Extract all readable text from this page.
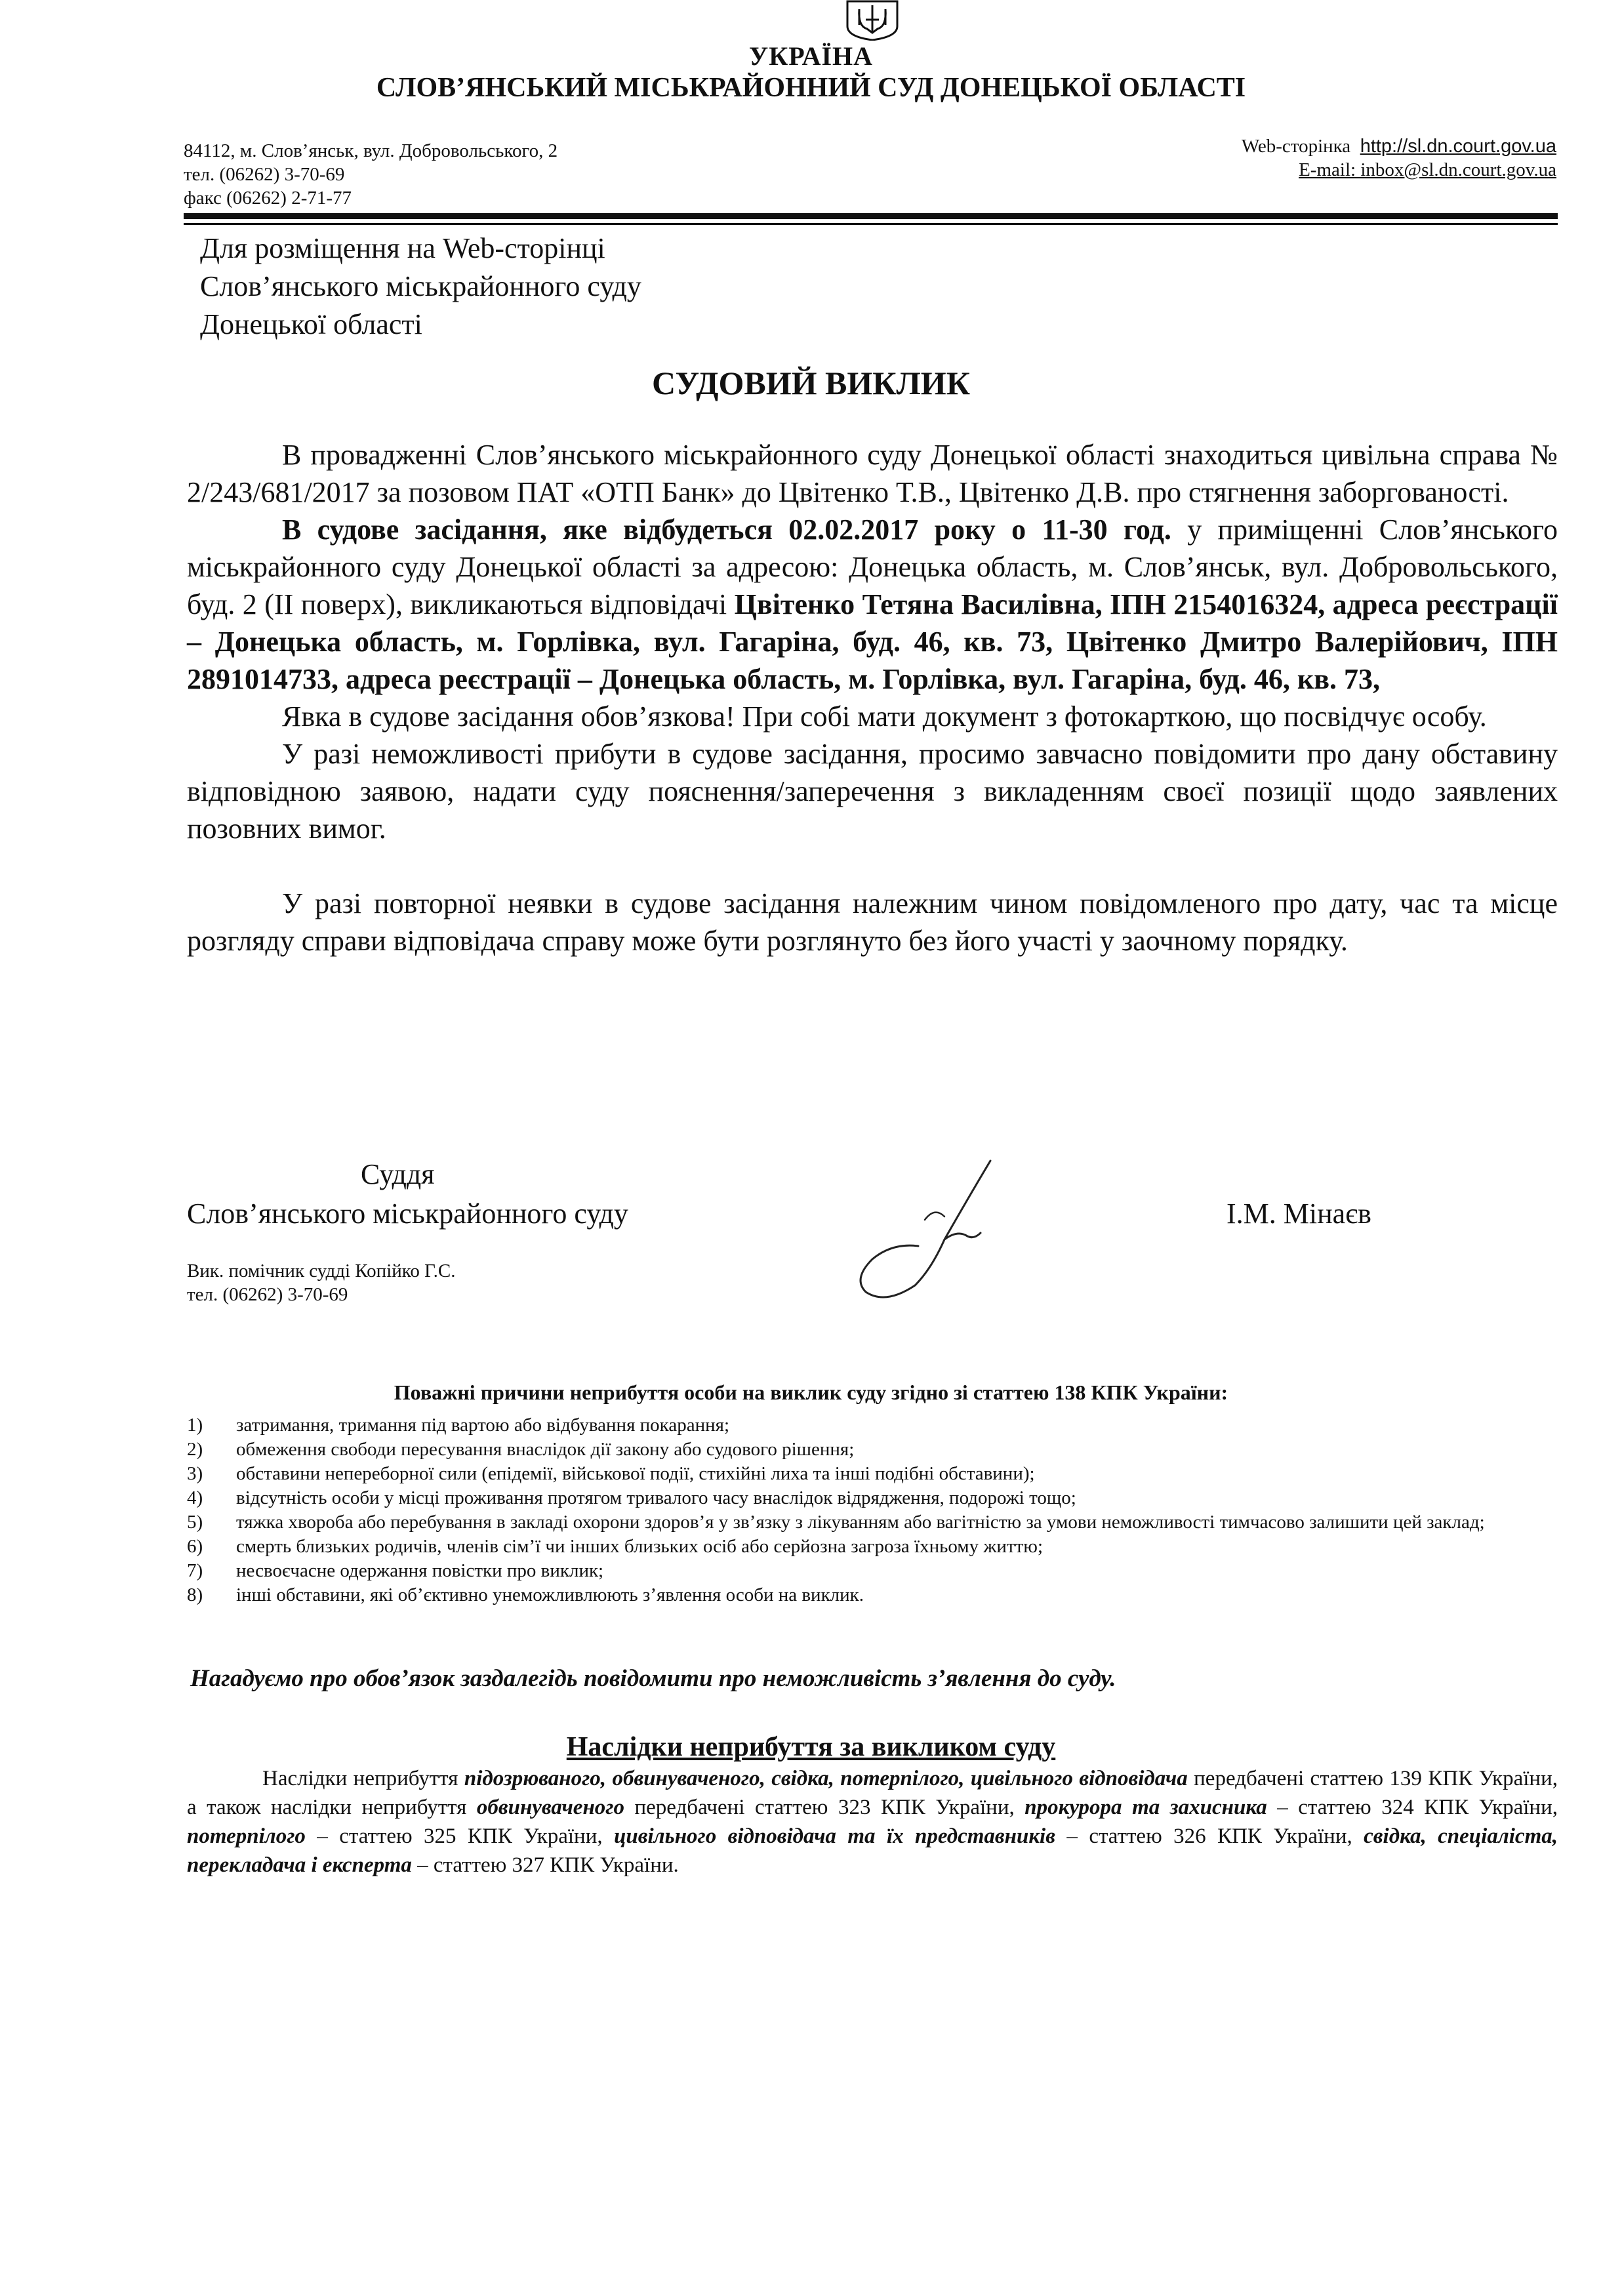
УКРАЇНА
СЛОВ’ЯНСЬКИЙ МІСЬКРАЙОННИЙ СУД ДОНЕЦЬКОЇ ОБЛАСТІ
84112, м. Слов’янськ, вул. Добровольського, 2
тел. (06262) 3-70-69
факс (06262) 2-71-77
Web-сторінка http://sl.dn.court.gov.ua
E-mail: inbox@sl.dn.court.gov.ua
Для розміщення на Web-сторінці
Слов’янського міськрайонного суду
Донецької області
СУДОВИЙ ВИКЛИК

В провадженні Слов’янського міськрайонного суду Донецької області знаходиться цивільна справа № 2/243/681/2017 за позовом ПАТ «ОТП Банк» до Цвітенко Т.В., Цвітенко Д.В. про стягнення заборгованості.

В судове засідання, яке відбудеться 02.02.2017 року о 11-30 год. у приміщенні Слов’янського міськрайонного суду Донецької області за адресою: Донецька область, м. Слов’янськ, вул. Добровольського, буд. 2 (ІІ поверх), викликаються відповідачі Цвітенко Тетяна Василівна, ІПН 2154016324, адреса реєстрації – Донецька область, м. Горлівка, вул. Гагаріна, буд. 46, кв. 73, Цвітенко Дмитро Валерійович, ІПН 2891014733, адреса реєстрації – Донецька область, м. Горлівка, вул. Гагаріна, буд. 46, кв. 73,

Явка в судове засідання обов’язкова! При собі мати документ з фотокарткою, що посвідчує особу.

У разі неможливості прибути в судове засідання, просимо завчасно повідомити про дану обставину відповідною заявою, надати суду пояснення/заперечення з викладенням своєї позиції щодо заявлених позовних вимог.

У разі повторної неявки в судове засідання належним чином повідомленого про дату, час та місце розгляду справи відповідача справу може бути розглянуто без його участі у заочному порядку.

Суддя
Слов’янського міськрайонного суду	І.М. Мінаєв
Вик. помічник судді Копійко Г.С.
тел. (06262) 3-70-69
Поважні причини неприбуття особи на виклик суду згідно зі статтею 138 КПК України:
1)	затримання, тримання під вартою або відбування покарання;
2)	обмеження свободи пересування внаслідок дії закону або судового рішення;
3)	обставини непереборної сили (епідемії, військової події, стихійні лиха та інші подібні обставини);
4)	відсутність особи у місці проживання протягом тривалого часу внаслідок відрядження, подорожі тощо;
5)	тяжка хвороба або перебування в закладі охорони здоров’я у зв’язку з лікуванням або вагітністю за умови неможливості тимчасово залишити цей заклад;
6)	смерть близьких родичів, членів сім’ї чи інших близьких осіб або серйозна загроза їхньому життю;
7)	несвоєчасне одержання повістки про виклик;
8)	інші обставини, які об’єктивно унеможливлюють з’явлення особи на виклик.
Нагадуємо про обов’язок заздалегідь повідомити про неможливість з’явлення до суду.
Наслідки неприбуття за викликом суду

Наслідки неприбуття підозрюваного, обвинуваченого, свідка, потерпілого, цивільного відповідача передбачені статтею 139 КПК України, а також наслідки неприбуття обвинуваченого передбачені статтею 323 КПК України, прокурора та захисника – статтею 324 КПК України, потерпілого – статтею 325 КПК України, цивільного відповідача та їх представників – статтею 326 КПК України, свідка, спеціаліста, перекладача і експерта – статтею 327 КПК України.
